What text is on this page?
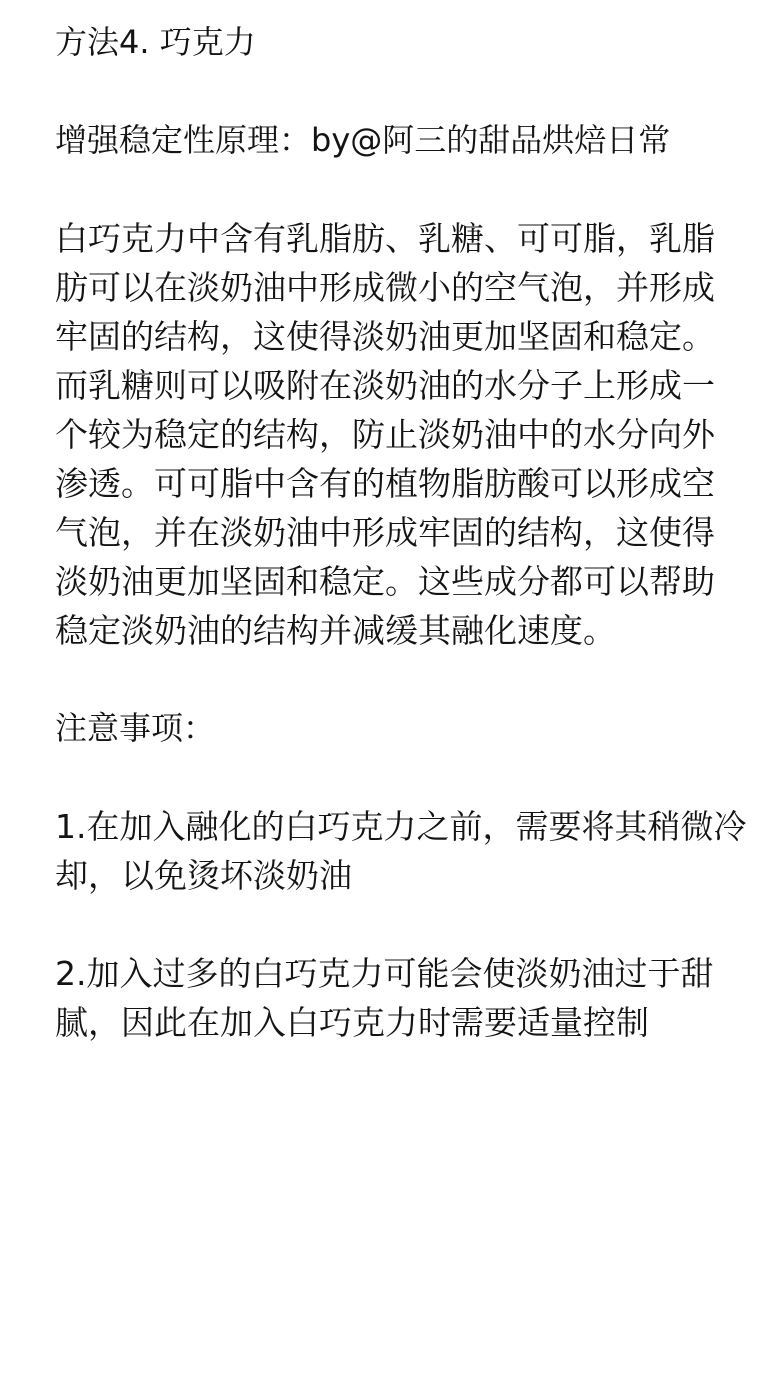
方法4. 巧克力

增强稳定性原理：by@阿三的甜品烘焙日常

白巧克力中含有乳脂肪、乳糖、可可脂，乳脂

肪可以在淡奶油中形成微小的空气泡，并形成

牢固的结构，这使得淡奶油更加坚固和稳定。

而乳糖则可以吸附在淡奶油的水分子上形成一

个较为稳定的结构，防止淡奶油中的水分向外

渗透。可可脂中含有的植物脂肪酸可以形成空

气泡，并在淡奶油中形成牢固的结构，这使得

淡奶油更加坚固和稳定。这些成分都可以帮助

稳定淡奶油的结构并减缓其融化速度。

注意事项：

1.在加入融化的白巧克力之前，需要将其稍微冷

却，以免烫坏淡奶油

2.加入过多的白巧克力可能会使淡奶油过于甜

腻，因此在加入白巧克力时需要适量控制
